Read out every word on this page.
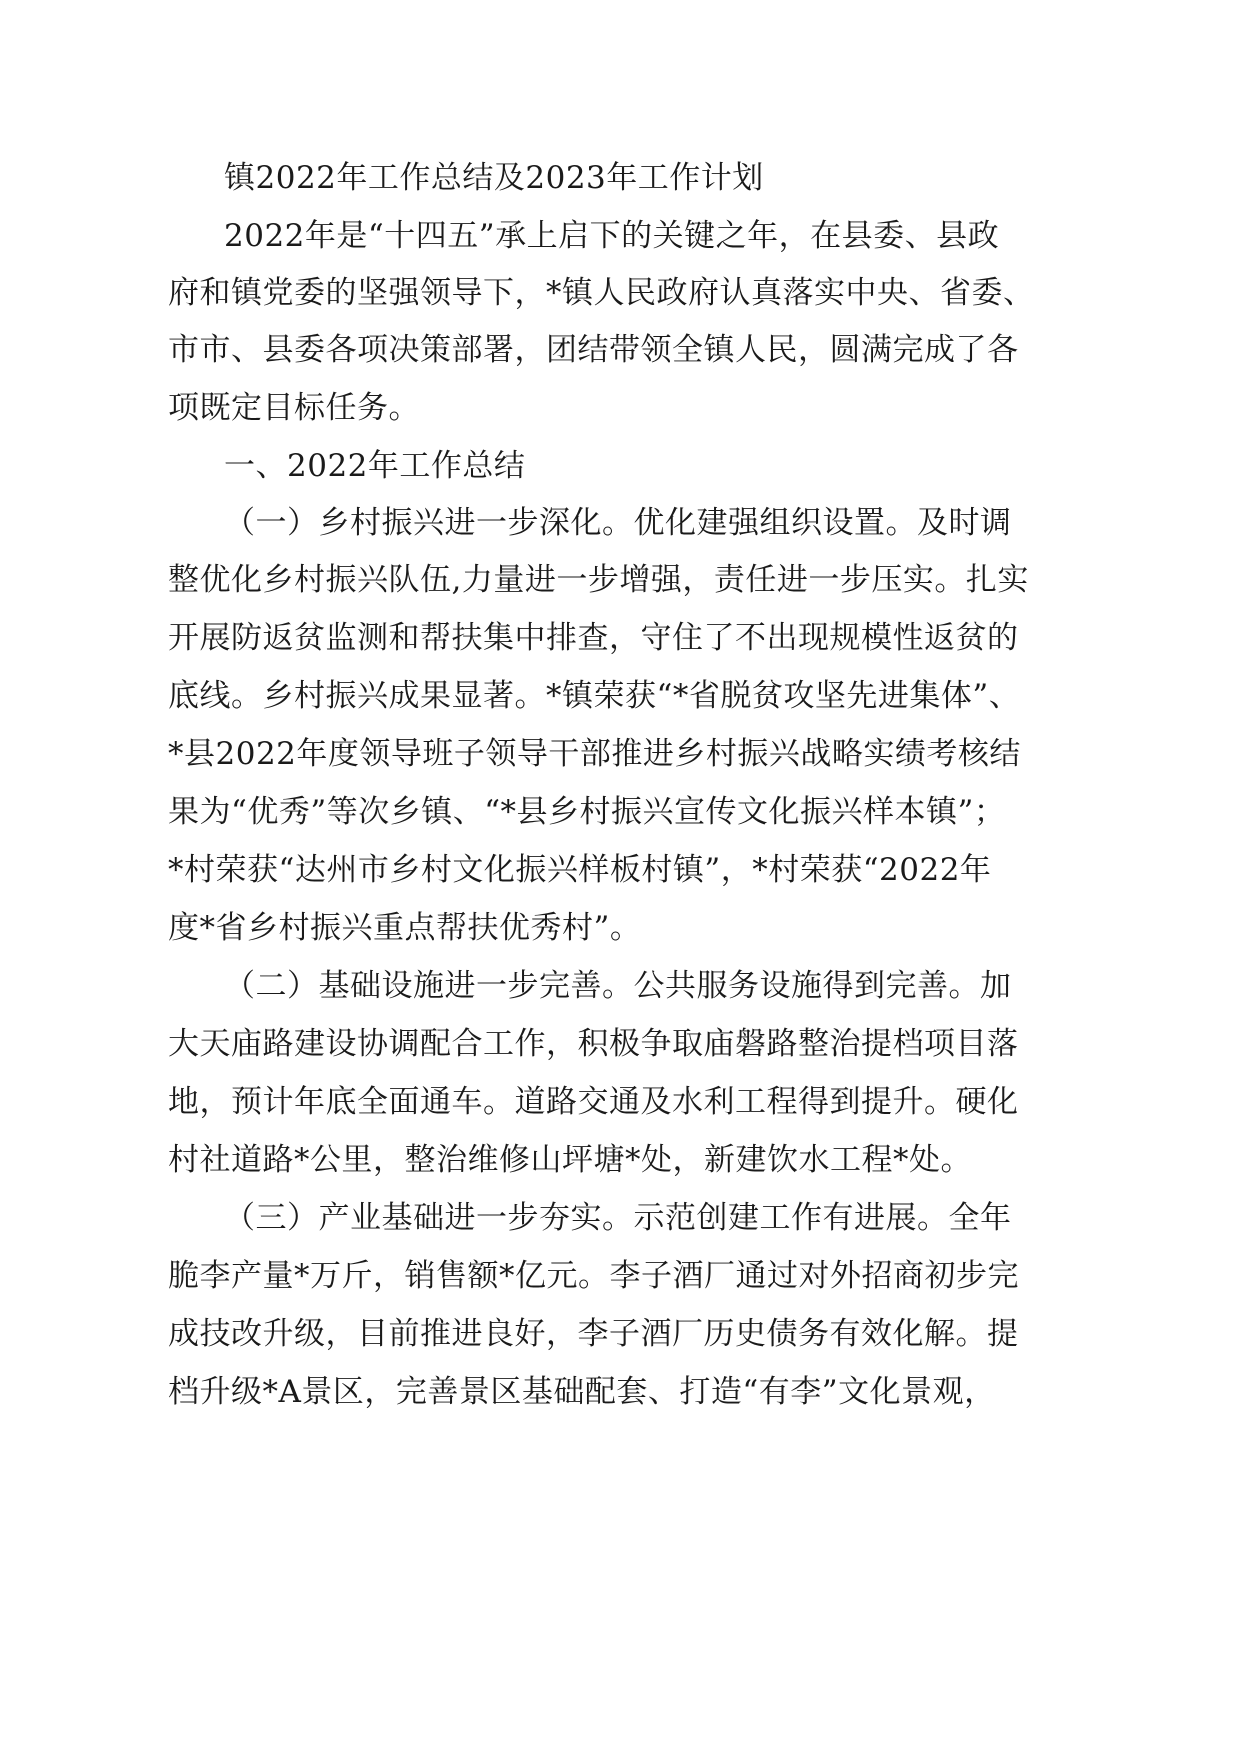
镇2022年工作总结及2023年工作计划
2022年是“十四五”承上启下的关键之年，在县委、县政
府和镇党委的坚强领导下，*镇人民政府认真落实中央、省委、
市市、县委各项决策部署，团结带领全镇人民，圆满完成了各
项既定目标任务。
一、2022年工作总结
（一）乡村振兴进一步深化。优化建强组织设置。及时调
整优化乡村振兴队伍,力量进一步增强，责任进一步压实。扎实
开展防返贫监测和帮扶集中排查，守住了不出现规模性返贫的
底线。乡村振兴成果显著。*镇荣获“*省脱贫攻坚先进集体”、
*县2022年度领导班子领导干部推进乡村振兴战略实绩考核结
果为“优秀”等次乡镇、“*县乡村振兴宣传文化振兴样本镇”；
*村荣获“达州市乡村文化振兴样板村镇”，*村荣获“2022年
度*省乡村振兴重点帮扶优秀村”。
（二）基础设施进一步完善。公共服务设施得到完善。加
大天庙路建设协调配合工作，积极争取庙磐路整治提档项目落
地，预计年底全面通车。道路交通及水利工程得到提升。硬化
村社道路*公里，整治维修山坪塘*处，新建饮水工程*处。
（三）产业基础进一步夯实。示范创建工作有进展。全年
脆李产量*万斤，销售额*亿元。李子酒厂通过对外招商初步完
成技改升级，目前推进良好，李子酒厂历史债务有效化解。提
档升级*A景区，完善景区基础配套、打造“有李”文化景观，
